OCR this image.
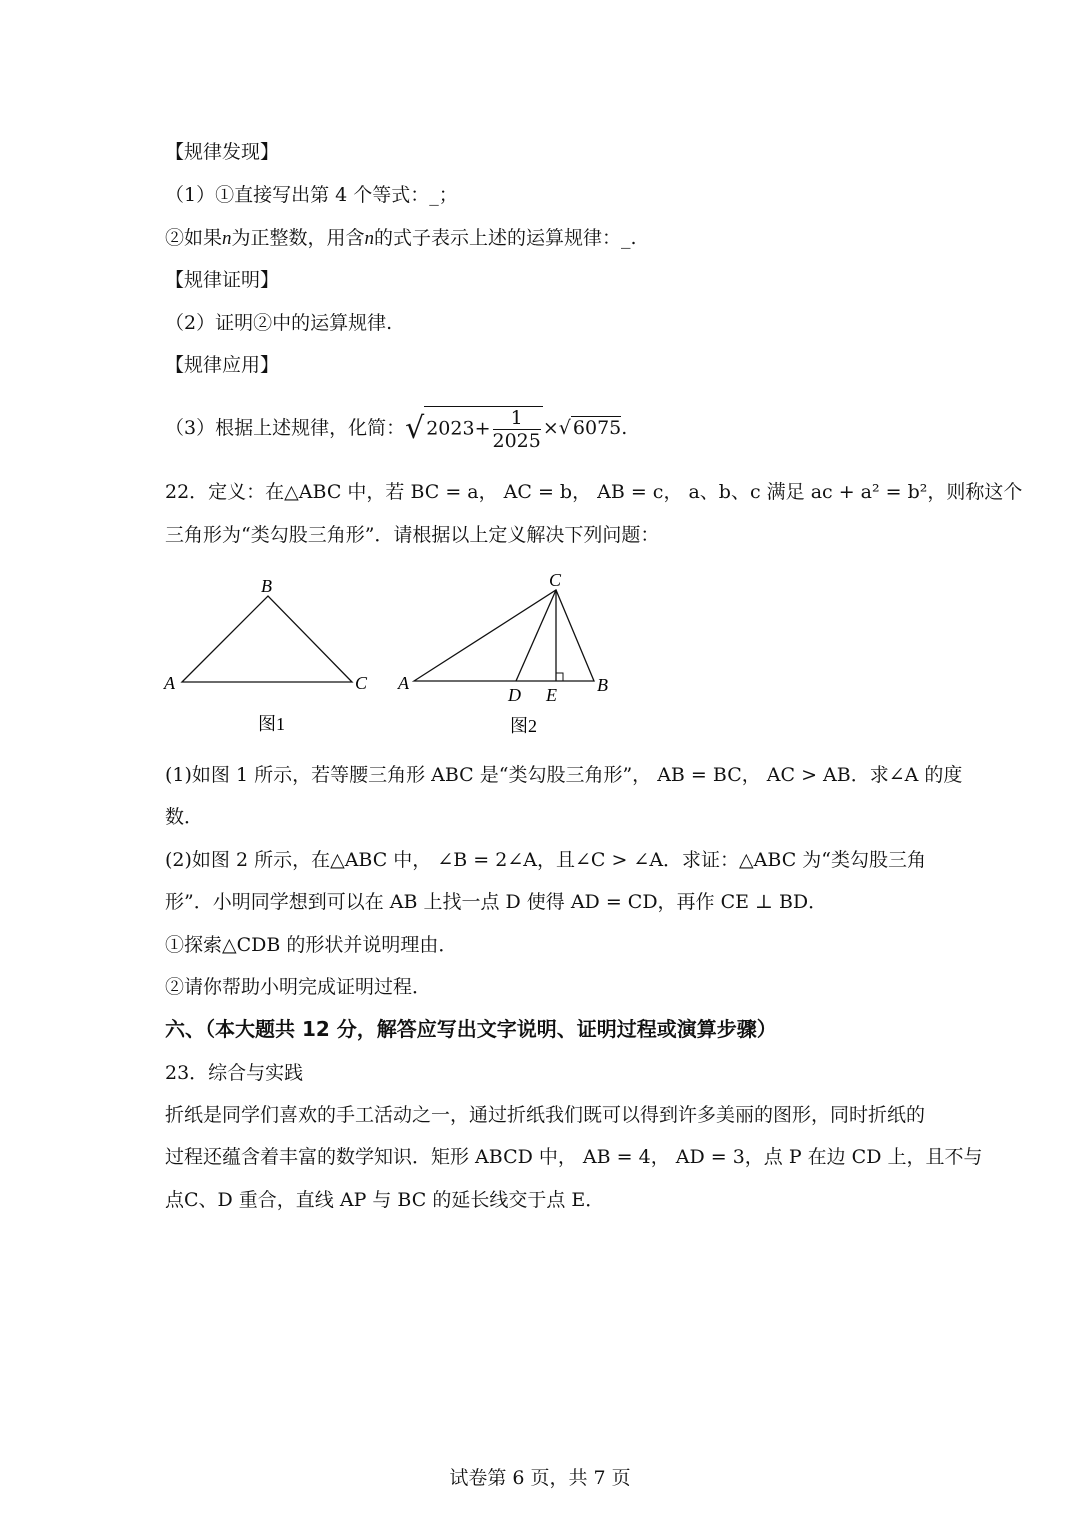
【规律发现】
（1）①直接写出第 4 个等式：_；
②如果n为正整数，用含n的式子表示上述的运算规律：_.
【规律证明】
（2）证明②中的运算规律.
【规律应用】
（3）根据上述规律，化简：√ $2023+ \frac{1}{2025}$ ×√ 6075.
22．定义：在△ABC 中，若 BC = a， AC = b， AB = c， a、b、c 满足 ac + a² = b²，则称这个
三角形为“类勾股三角形”．请根据以上定义解决下列问题：
A
B
C
图1
A
C
B
D E
图2
(1)如图 1 所示，若等腰三角形 ABC 是“类勾股三角形”， AB = BC， AC > AB．求∠A 的度
数．
(2)如图 2 所示，在△ABC 中， ∠B = 2∠A，且∠C > ∠A．求证：△ABC 为“类勾股三角
形”．小明同学想到可以在 AB 上找一点 D 使得 AD = CD，再作 CE ⊥ BD．
①探索△CDB 的形状并说明理由．
②请你帮助小明完成证明过程．
六、（本大题共 12 分，解答应写出文字说明、证明过程或演算步骤）
23．综合与实践
折纸是同学们喜欢的手工活动之一，通过折纸我们既可以得到许多美丽的图形，同时折纸的
过程还蕴含着丰富的数学知识．矩形 ABCD 中， AB = 4， AD = 3，点 P 在边 CD 上，且不与
点C、D 重合，直线 AP 与 BC 的延长线交于点 E．
试卷第 6 页，共 7 页
